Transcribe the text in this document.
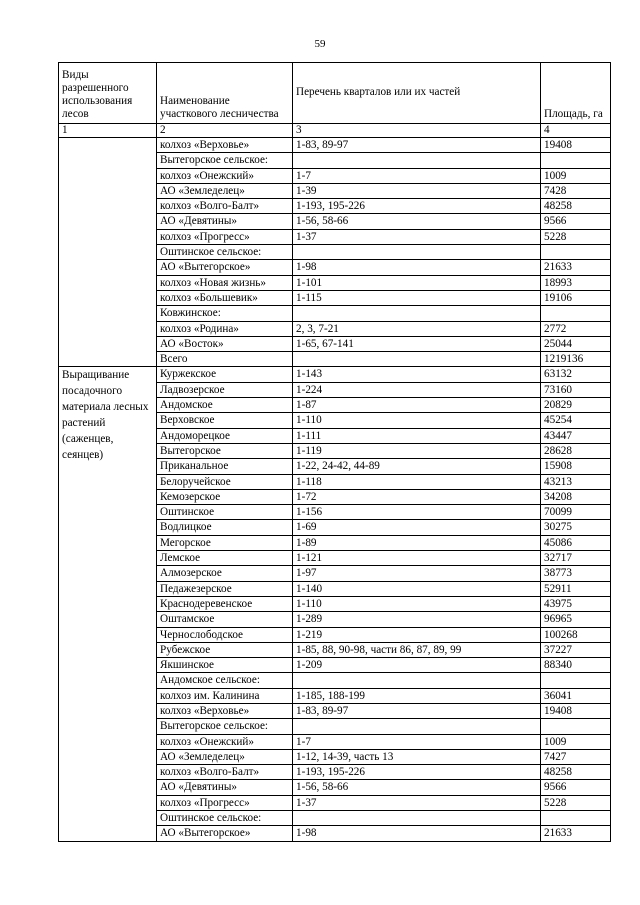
59
Виды разрешенного использования лесов	Наименование участкового лесничества	Перечень кварталов или их частей	Площадь, га
1	2	3	4
	колхоз «Верховье»	1-83, 89-97	19408
	Вытегорское сельское:		
	колхоз «Онежский»	1-7	1009
	АО «Земледелец»	1-39	7428
	колхоз «Волго-Балт»	1-193, 195-226	48258
	АО «Девятины»	1-56, 58-66	9566
	колхоз «Прогресс»	1-37	5228
	Оштинское сельское:		
	АО «Вытегорское»	1-98	21633
	колхоз «Новая жизнь»	1-101	18993
	колхоз «Большевик»	1-115	19106
	Ковжинское:		
	колхоз «Родина»	2, 3, 7-21	2772
	АО «Восток»	1-65, 67-141	25044
	Всего		1219136
Выращивание посадочного материала лесных растений (саженцев, сеянцев)	Куржекское	1-143	63132
	Ладвозерское	1-224	73160
	Андомское	1-87	20829
	Верховское	1-110	45254
	Андоморецкое	1-111	43447
	Вытегорское	1-119	28628
	Приканальное	1-22, 24-42, 44-89	15908
	Белоручейское	1-118	43213
	Кемозерское	1-72	34208
	Оштинское	1-156	70099
	Водлицкое	1-69	30275
	Мегорское	1-89	45086
	Лемское	1-121	32717
	Алмозерское	1-97	38773
	Педажезерское	1-140	52911
	Краснодеревенское	1-110	43975
	Оштамское	1-289	96965
	Чернослободское	1-219	100268
	Рубежское	1-85, 88, 90-98, части 86, 87, 89, 99	37227
	Якшинское	1-209	88340
	Андомское сельское:		
	колхоз им. Калинина	1-185, 188-199	36041
	колхоз «Верховье»	1-83, 89-97	19408
	Вытегорское сельское:		
	колхоз «Онежский»	1-7	1009
	АО «Земледелец»	1-12, 14-39, часть 13	7427
	колхоз «Волго-Балт»	1-193, 195-226	48258
	АО «Девятины»	1-56, 58-66	9566
	колхоз «Прогресс»	1-37	5228
	Оштинское сельское:		
	АО «Вытегорское»	1-98	21633
